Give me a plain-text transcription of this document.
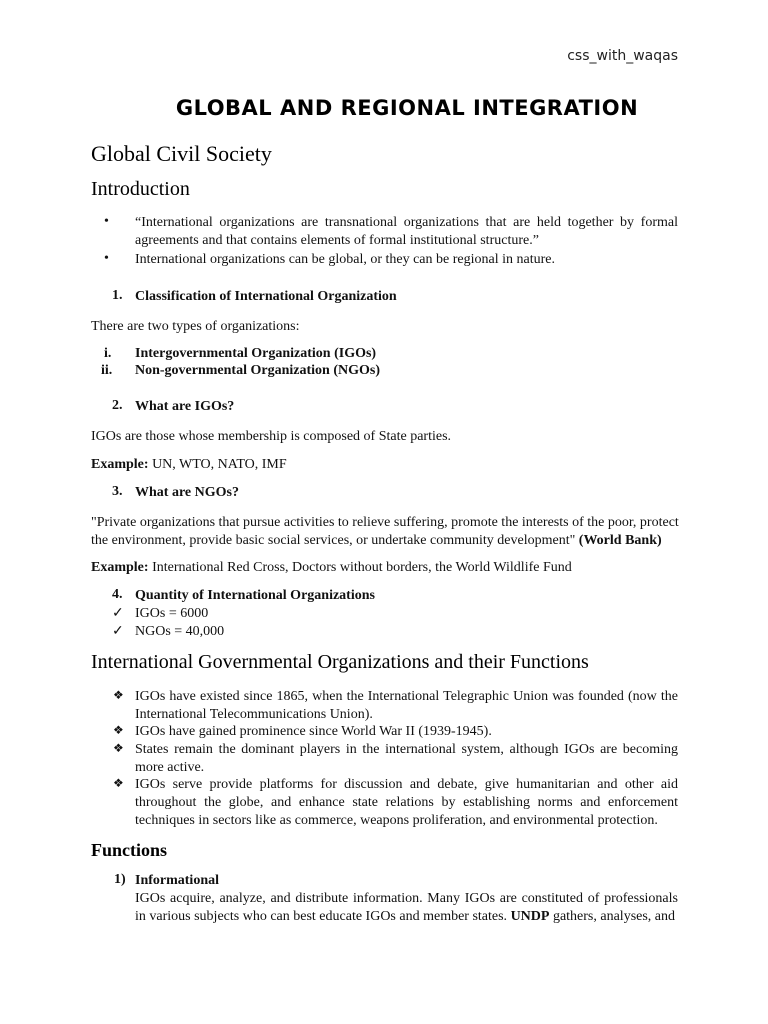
css_with_waqas
GLOBAL AND REGIONAL INTEGRATION
Global Civil Society
Introduction
• “International organizations are transnational organizations that are held together by formal agreements and that contains elements of formal institutional structure.”
• International organizations can be global, or they can be regional in nature.
1. Classification of International Organization
There are two types of organizations:
i. Intergovernmental Organization (IGOs)
ii. Non-governmental Organization (NGOs)
2. What are IGOs?
IGOs are those whose membership is composed of State parties.
Example: UN, WTO, NATO, IMF
3. What are NGOs?
"Private organizations that pursue activities to relieve suffering, promote the interests of the poor, protect the environment, provide basic social services, or undertake community development" (World Bank)
Example: International Red Cross, Doctors without borders, the World Wildlife Fund
4. Quantity of International Organizations
✓ IGOs = 6000
✓ NGOs = 40,000
International Governmental Organizations and their Functions
❖ IGOs have existed since 1865, when the International Telegraphic Union was founded (now the International Telecommunications Union).
❖ IGOs have gained prominence since World War II (1939-1945).
❖ States remain the dominant players in the international system, although IGOs are becoming more active.
❖ IGOs serve provide platforms for discussion and debate, give humanitarian and other aid throughout the globe, and enhance state relations by establishing norms and enforcement techniques in sectors like as commerce, weapons proliferation, and environmental protection.
Functions
1) Informational
IGOs acquire, analyze, and distribute information. Many IGOs are constituted of professionals in various subjects who can best educate IGOs and member states. UNDP gathers, analyses, and
